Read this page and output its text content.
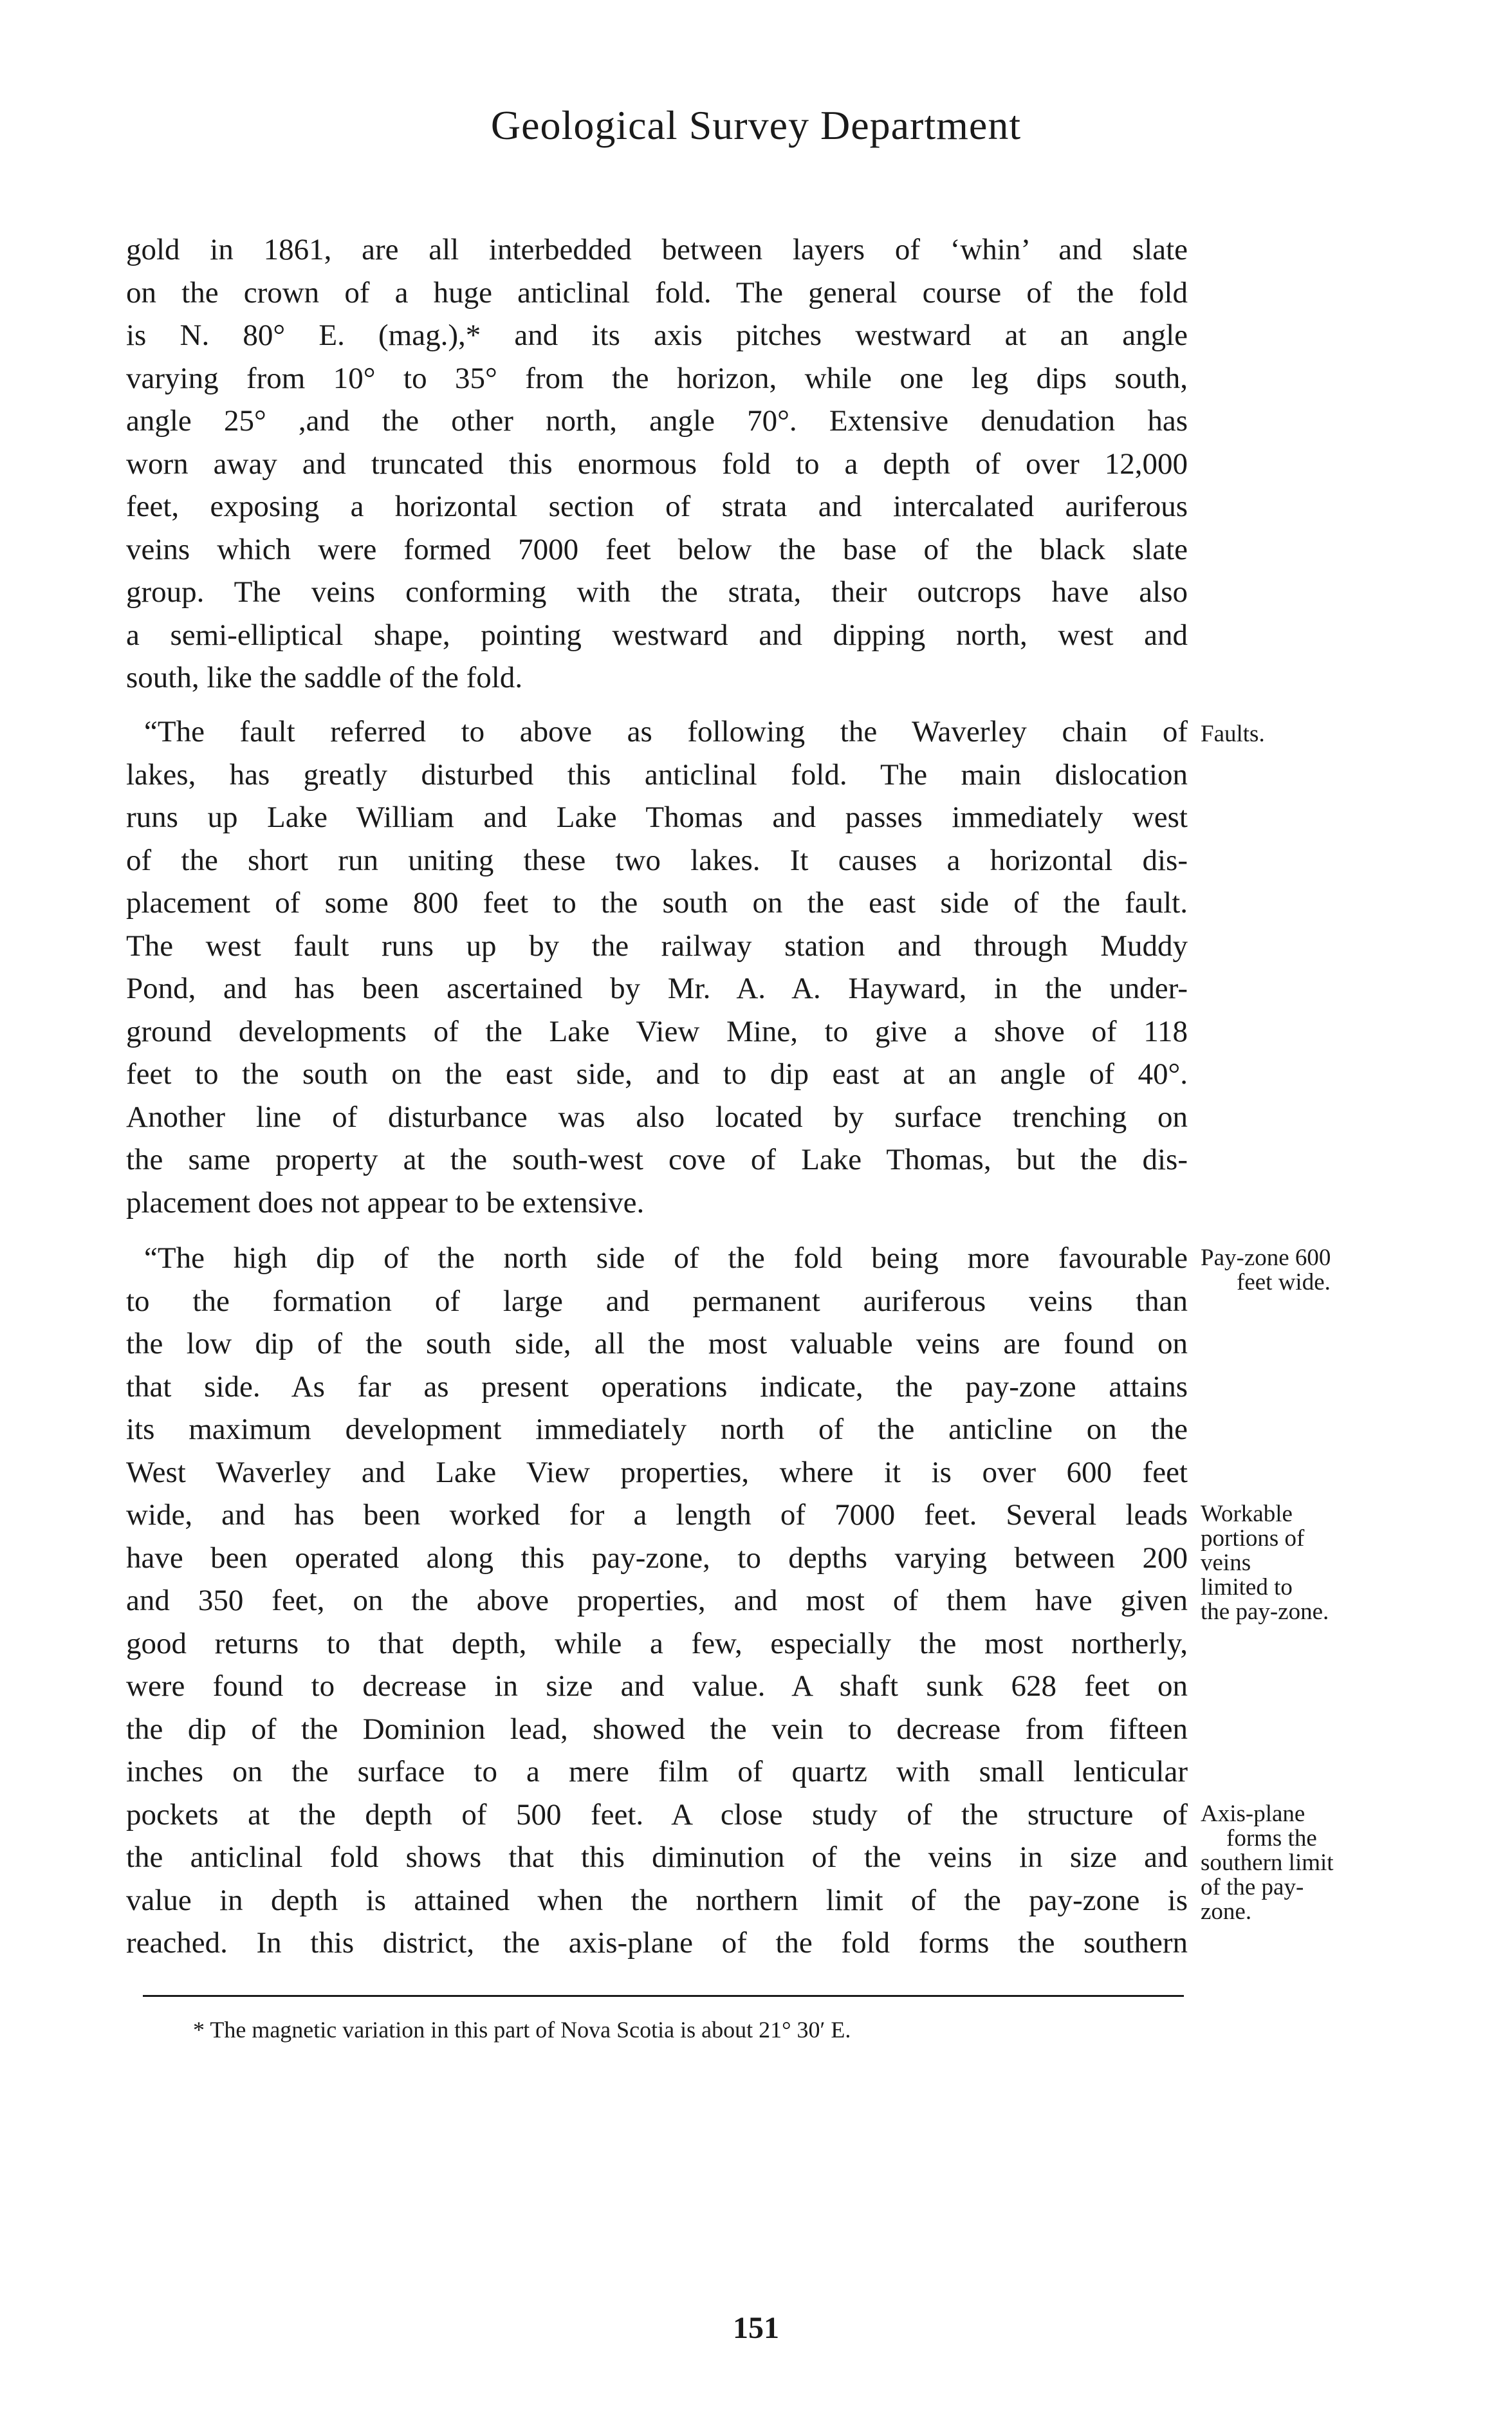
Geological Survey Department
gold in 1861, are all interbedded between layers of ‘whin’ and slate
on the crown of a huge anticlinal fold. The general course of the fold
is N. 80° E. (mag.),* and its axis pitches westward at an angle
varying from 10° to 35° from the horizon, while one leg dips south,
angle 25° ,and the other north, angle 70°. Extensive denudation has
worn away and truncated this enormous fold to a depth of over 12,000
feet, exposing a horizontal section of strata and intercalated auriferous
veins which were formed 7000 feet below the base of the black slate
group. The veins conforming with the strata, their outcrops have also
a semi-elliptical shape, pointing westward and dipping north, west and
south, like the saddle of the fold.
“The fault referred to above as following the Waverley chain of
lakes, has greatly disturbed this anticlinal fold. The main dislocation
runs up Lake William and Lake Thomas and passes immediately west
of the short run uniting these two lakes. It causes a horizontal dis-
placement of some 800 feet to the south on the east side of the fault.
The west fault runs up by the railway station and through Muddy
Pond, and has been ascertained by Mr. A. A. Hayward, in the under-
ground developments of the Lake View Mine, to give a shove of 118
feet to the south on the east side, and to dip east at an angle of 40°.
Another line of disturbance was also located by surface trenching on
the same property at the south-west cove of Lake Thomas, but the dis-
placement does not appear to be extensive.
“The high dip of the north side of the fold being more favourable
to the formation of large and permanent auriferous veins than
the low dip of the south side, all the most valuable veins are found on
that side. As far as present operations indicate, the pay-zone attains
its maximum development immediately north of the anticline on the
West Waverley and Lake View properties, where it is over 600 feet
wide, and has been worked for a length of 7000 feet. Several leads
have been operated along this pay-zone, to depths varying between 200
and 350 feet, on the above properties, and most of them have given
good returns to that depth, while a few, especially the most northerly,
were found to decrease in size and value. A shaft sunk 628 feet on
the dip of the Dominion lead, showed the vein to decrease from fifteen
inches on the surface to a mere film of quartz with small lenticular
pockets at the depth of 500 feet. A close study of the structure of
the anticlinal fold shows that this diminution of the veins in size and
value in depth is attained when the northern limit of the pay-zone is
reached. In this district, the axis-plane of the fold forms the southern
Faults.
Pay-zone 600
feet wide.
Workable
portions of
veins
limited to
the pay-zone.
Axis-plane
forms the
southern limit
of the pay-
zone.
* The magnetic variation in this part of Nova Scotia is about 21° 30′ E.
151
